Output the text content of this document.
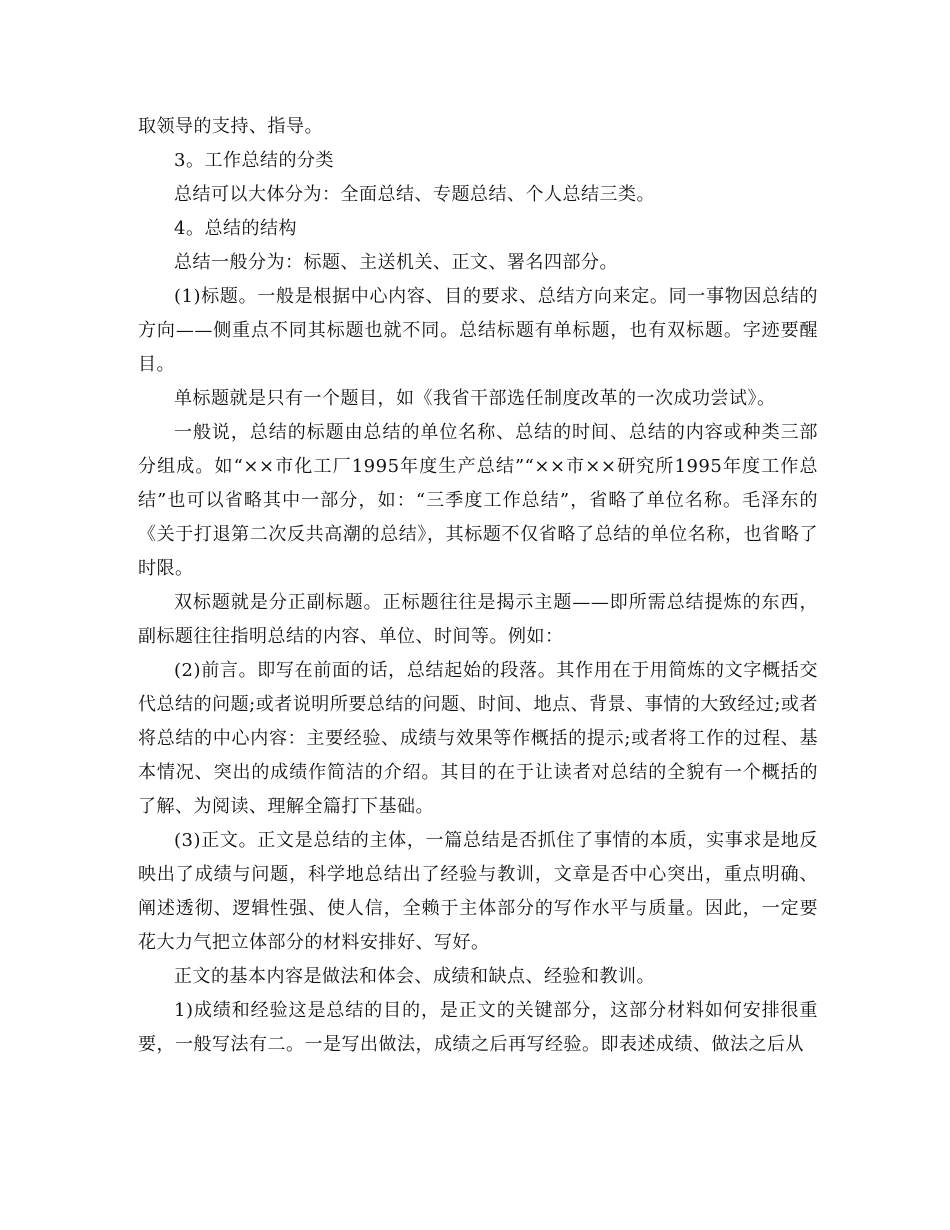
取领导的支持、指导。

3。工作总结的分类

总结可以大体分为：全面总结、专题总结、个人总结三类。

4。总结的结构

总结一般分为：标题、主送机关、正文、署名四部分。

(1)标题。一般是根据中心内容、目的要求、总结方向来定。同一事物因总结的方向——侧重点不同其标题也就不同。总结标题有单标题，也有双标题。字迹要醒目。

单标题就是只有一个题目，如《我省干部选任制度改革的一次成功尝试》。

一般说，总结的标题由总结的单位名称、总结的时间、总结的内容或种类三部分组成。如“××市化工厂1995年度生产总结”“××市××研究所1995年度工作总结”也可以省略其中一部分，如：“三季度工作总结”，省略了单位名称。毛泽东的《关于打退第二次反共高潮的总结》，其标题不仅省略了总结的单位名称，也省略了时限。

双标题就是分正副标题。正标题往往是揭示主题——即所需总结提炼的东西，副标题往往指明总结的内容、单位、时间等。例如：

(2)前言。即写在前面的话，总结起始的段落。其作用在于用简炼的文字概括交代总结的问题;或者说明所要总结的问题、时间、地点、背景、事情的大致经过;或者将总结的中心内容：主要经验、成绩与效果等作概括的提示;或者将工作的过程、基本情况、突出的成绩作简洁的介绍。其目的在于让读者对总结的全貌有一个概括的了解、为阅读、理解全篇打下基础。

(3)正文。正文是总结的主体，一篇总结是否抓住了事情的本质，实事求是地反映出了成绩与问题，科学地总结出了经验与教训，文章是否中心突出，重点明确、阐述透彻、逻辑性强、使人信，全赖于主体部分的写作水平与质量。因此，一定要花大力气把立体部分的材料安排好、写好。

正文的基本内容是做法和体会、成绩和缺点、经验和教训。

1)成绩和经验这是总结的目的，是正文的关键部分，这部分材料如何安排很重要，一般写法有二。一是写出做法，成绩之后再写经验。即表述成绩、做法之后从
